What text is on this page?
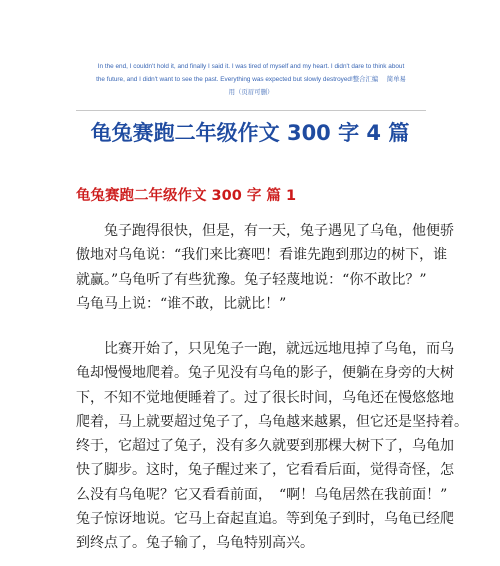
In the end, I couldn't hold it, and finally I said it. I was tired of myself and my heart. I didn't dare to think about
the future, and I didn't want to see the past. Everything was expected but slowly destroyed!整合汇编　 简单易
用（页眉可删）
龟兔赛跑二年级作文 300 字 4 篇
龟兔赛跑二年级作文 300 字 篇 1
兔子跑得很快，但是，有一天，兔子遇见了乌龟，他便骄
傲地对乌龟说：“我们来比赛吧！看谁先跑到那边的树下，谁
就赢。”乌龟听了有些犹豫。兔子轻蔑地说：“你不敢比？”
乌龟马上说：“谁不敢，比就比！”
比赛开始了，只见兔子一跑，就远远地甩掉了乌龟，而乌
龟却慢慢地爬着。兔子见没有乌龟的影子，便躺在身旁的大树
下，不知不觉地便睡着了。过了很长时间，乌龟还在慢悠悠地
爬着，马上就要超过兔子了，乌龟越来越累，但它还是坚持着。
终于，它超过了兔子，没有多久就要到那棵大树下了，乌龟加
快了脚步。这时，兔子醒过来了，它看看后面，觉得奇怪，怎
么没有乌龟呢？它又看看前面，　“啊！乌龟居然在我前面！”
兔子惊讶地说。它马上奋起直追。等到兔子到时，乌龟已经爬
到终点了。兔子输了，乌龟特别高兴。
